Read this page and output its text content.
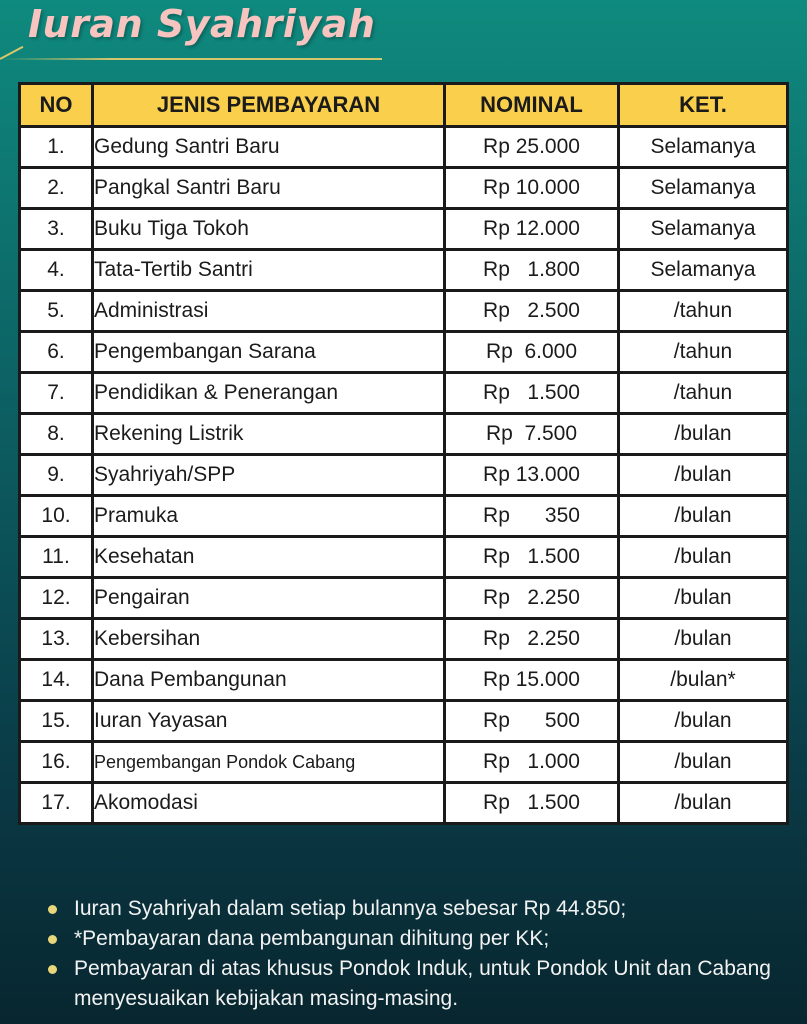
Iuran Syahriyah
NO	JENIS PEMBAYARAN	NOMINAL	KET.
1.	Gedung Santri Baru	Rp 25.000	Selamanya
2.	Pangkal Santri Baru	Rp 10.000	Selamanya
3.	Buku Tiga Tokoh	Rp 12.000	Selamanya
4.	Tata-Tertib Santri	Rp   1.800	Selamanya
5.	Administrasi	Rp   2.500	/tahun
6.	Pengembangan Sarana	Rp  6.000	/tahun
7.	Pendidikan & Penerangan	Rp   1.500	/tahun
8.	Rekening Listrik	Rp  7.500	/bulan
9.	Syahriyah/SPP	Rp 13.000	/bulan
10.	Pramuka	Rp      350	/bulan
11.	Kesehatan	Rp   1.500	/bulan
12.	Pengairan	Rp   2.250	/bulan
13.	Kebersihan	Rp   2.250	/bulan
14.	Dana Pembangunan	Rp 15.000	/bulan*
15.	Iuran Yayasan	Rp      500	/bulan
16.	Pengembangan Pondok Cabang	Rp   1.000	/bulan
17.	Akomodasi	Rp   1.500	/bulan
Iuran Syahriyah dalam setiap bulannya sebesar Rp 44.850;
*Pembayaran dana pembangunan dihitung per KK;
Pembayaran di atas khusus Pondok Induk, untuk Pondok Unit dan Cabang menyesuaikan kebijakan masing-masing.
